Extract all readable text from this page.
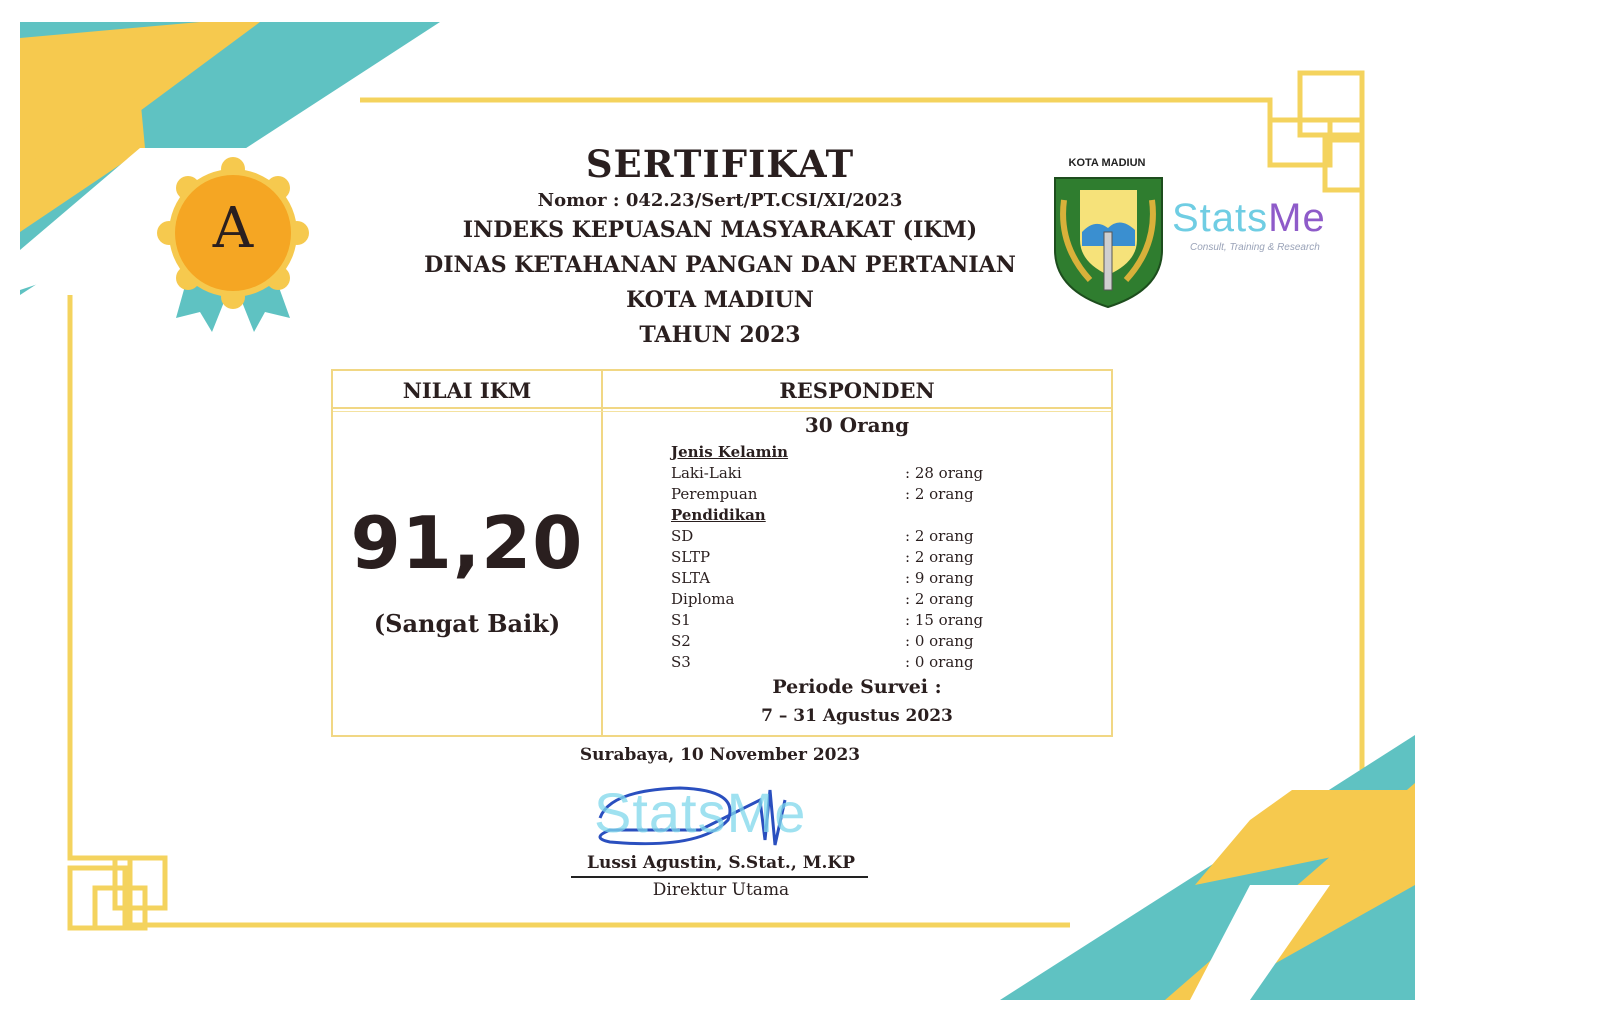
A
KOTA MADIUN
StatsMe
Consult, Training & Research
SERTIFIKAT
Nomor : 042.23/Sert/PT.CSI/XI/2023
INDEKS KEPUASAN MASYARAKAT (IKM)
DINAS KETAHANAN PANGAN DAN PERTANIAN
KOTA MADIUN
TAHUN 2023
NILAI IKM	RESPONDEN
91,20
(Sangat Baik)
30 Orang
Jenis Kelamin
Laki-Laki	: 28 orang
Perempuan	: 2 orang
Pendidikan
SD	: 2 orang
SLTP	: 2 orang
SLTA	: 9 orang
Diploma	: 2 orang
S1	: 15 orang
S2	: 0 orang
S3	: 0 orang
Periode Survei :
7 – 31 Agustus 2023
Surabaya, 10 November 2023
StatsMe
Lussi Agustin, S.Stat., M.KP
Direktur Utama
